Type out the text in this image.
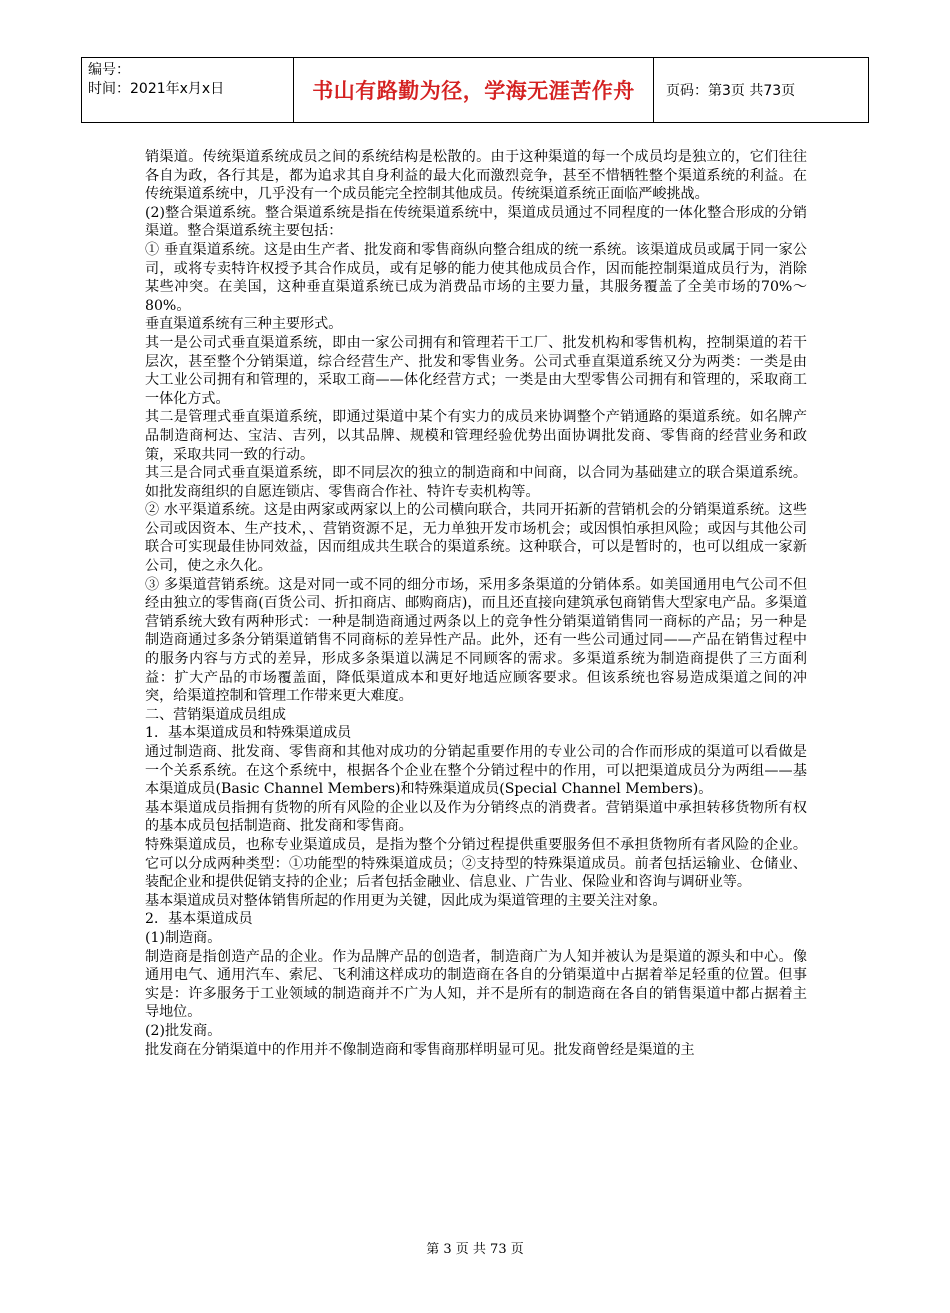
编号：
时间：2021年x月x日	书山有路勤为径，学海无涯苦作舟	页码：第3页 共73页

销渠道。传统渠道系统成员之间的系统结构是松散的。由于这种渠道的每一个成员均是独立的，它们往往各自为政，各行其是，都为追求其自身利益的最大化而激烈竞争，甚至不惜牺牲整个渠道系统的利益。在传统渠道系统中，几乎没有一个成员能完全控制其他成员。传统渠道系统正面临严峻挑战。

(2)整合渠道系统。整合渠道系统是指在传统渠道系统中，渠道成员通过不同程度的一体化整合形成的分销渠道。整合渠道系统主要包括：

① 垂直渠道系统。这是由生产者、批发商和零售商纵向整合组成的统一系统。该渠道成员或属于同一家公司，或将专卖特许权授予其合作成员，或有足够的能力使其他成员合作，因而能控制渠道成员行为，消除某些冲突。在美国，这种垂直渠道系统已成为消费品市场的主要力量，其服务覆盖了全美市场的70%～80%。

垂直渠道系统有三种主要形式。

其一是公司式垂直渠道系统，即由一家公司拥有和管理若干工厂、批发机构和零售机构，控制渠道的若干层次，甚至整个分销渠道，综合经营生产、批发和零售业务。公司式垂直渠道系统又分为两类：一类是由大工业公司拥有和管理的，采取工商——体化经营方式；一类是由大型零售公司拥有和管理的，采取商工一体化方式。

其二是管理式垂直渠道系统，即通过渠道中某个有实力的成员来协调整个产销通路的渠道系统。如名牌产品制造商柯达、宝洁、吉列，以其品牌、规模和管理经验优势出面协调批发商、零售商的经营业务和政策，采取共同一致的行动。

其三是合同式垂直渠道系统，即不同层次的独立的制造商和中间商，以合同为基础建立的联合渠道系统。如批发商组织的自愿连锁店、零售商合作社、特许专卖机构等。

② 水平渠道系统。这是由两家或两家以上的公司横向联合，共同开拓新的营销机会的分销渠道系统。这些公司或因资本、生产技术，、营销资源不足，无力单独开发市场机会；或因惧怕承担风险；或因与其他公司联合可实现最佳协同效益，因而组成共生联合的渠道系统。这种联合，可以是暂时的，也可以组成一家新公司，使之永久化。

③ 多渠道营销系统。这是对同一或不同的细分市场，采用多条渠道的分销体系。如美国通用电气公司不但经由独立的零售商(百货公司、折扣商店、邮购商店)，而且还直接向建筑承包商销售大型家电产品。多渠道营销系统大致有两种形式：一种是制造商通过两条以上的竞争性分销渠道销售同一商标的产品；另一种是制造商通过多条分销渠道销售不同商标的差异性产品。此外，还有一些公司通过同——产品在销售过程中的服务内容与方式的差异，形成多条渠道以满足不同顾客的需求。多渠道系统为制造商提供了三方面利益：扩大产品的市场覆盖面，降低渠道成本和更好地适应顾客要求。但该系统也容易造成渠道之间的冲突，给渠道控制和管理工作带来更大难度。

二、营销渠道成员组成

1．基本渠道成员和特殊渠道成员

通过制造商、批发商、零售商和其他对成功的分销起重要作用的专业公司的合作而形成的渠道可以看做是一个关系系统。在这个系统中，根据各个企业在整个分销过程中的作用，可以把渠道成员分为两组——基本渠道成员(Basic Channel Members)和特殊渠道成员(Special Channel Members)。

基本渠道成员指拥有货物的所有风险的企业以及作为分销终点的消费者。营销渠道中承担转移货物所有权的基本成员包括制造商、批发商和零售商。

特殊渠道成员，也称专业渠道成员，是指为整个分销过程提供重要服务但不承担货物所有者风险的企业。它可以分成两种类型：①功能型的特殊渠道成员；②支持型的特殊渠道成员。前者包括运输业、仓储业、装配企业和提供促销支持的企业；后者包括金融业、信息业、广告业、保险业和咨询与调研业等。

基本渠道成员对整体销售所起的作用更为关键，因此成为渠道管理的主要关注对象。

2．基本渠道成员

(1)制造商。

制造商是指创造产品的企业。作为品牌产品的创造者，制造商广为人知并被认为是渠道的源头和中心。像通用电气、通用汽车、索尼、飞利浦这样成功的制造商在各自的分销渠道中占据着举足轻重的位置。但事实是：许多服务于工业领域的制造商并不广为人知，并不是所有的制造商在各自的销售渠道中都占据着主导地位。

(2)批发商。

批发商在分销渠道中的作用并不像制造商和零售商那样明显可见。批发商曾经是渠道的主

第 3 页 共 73 页
